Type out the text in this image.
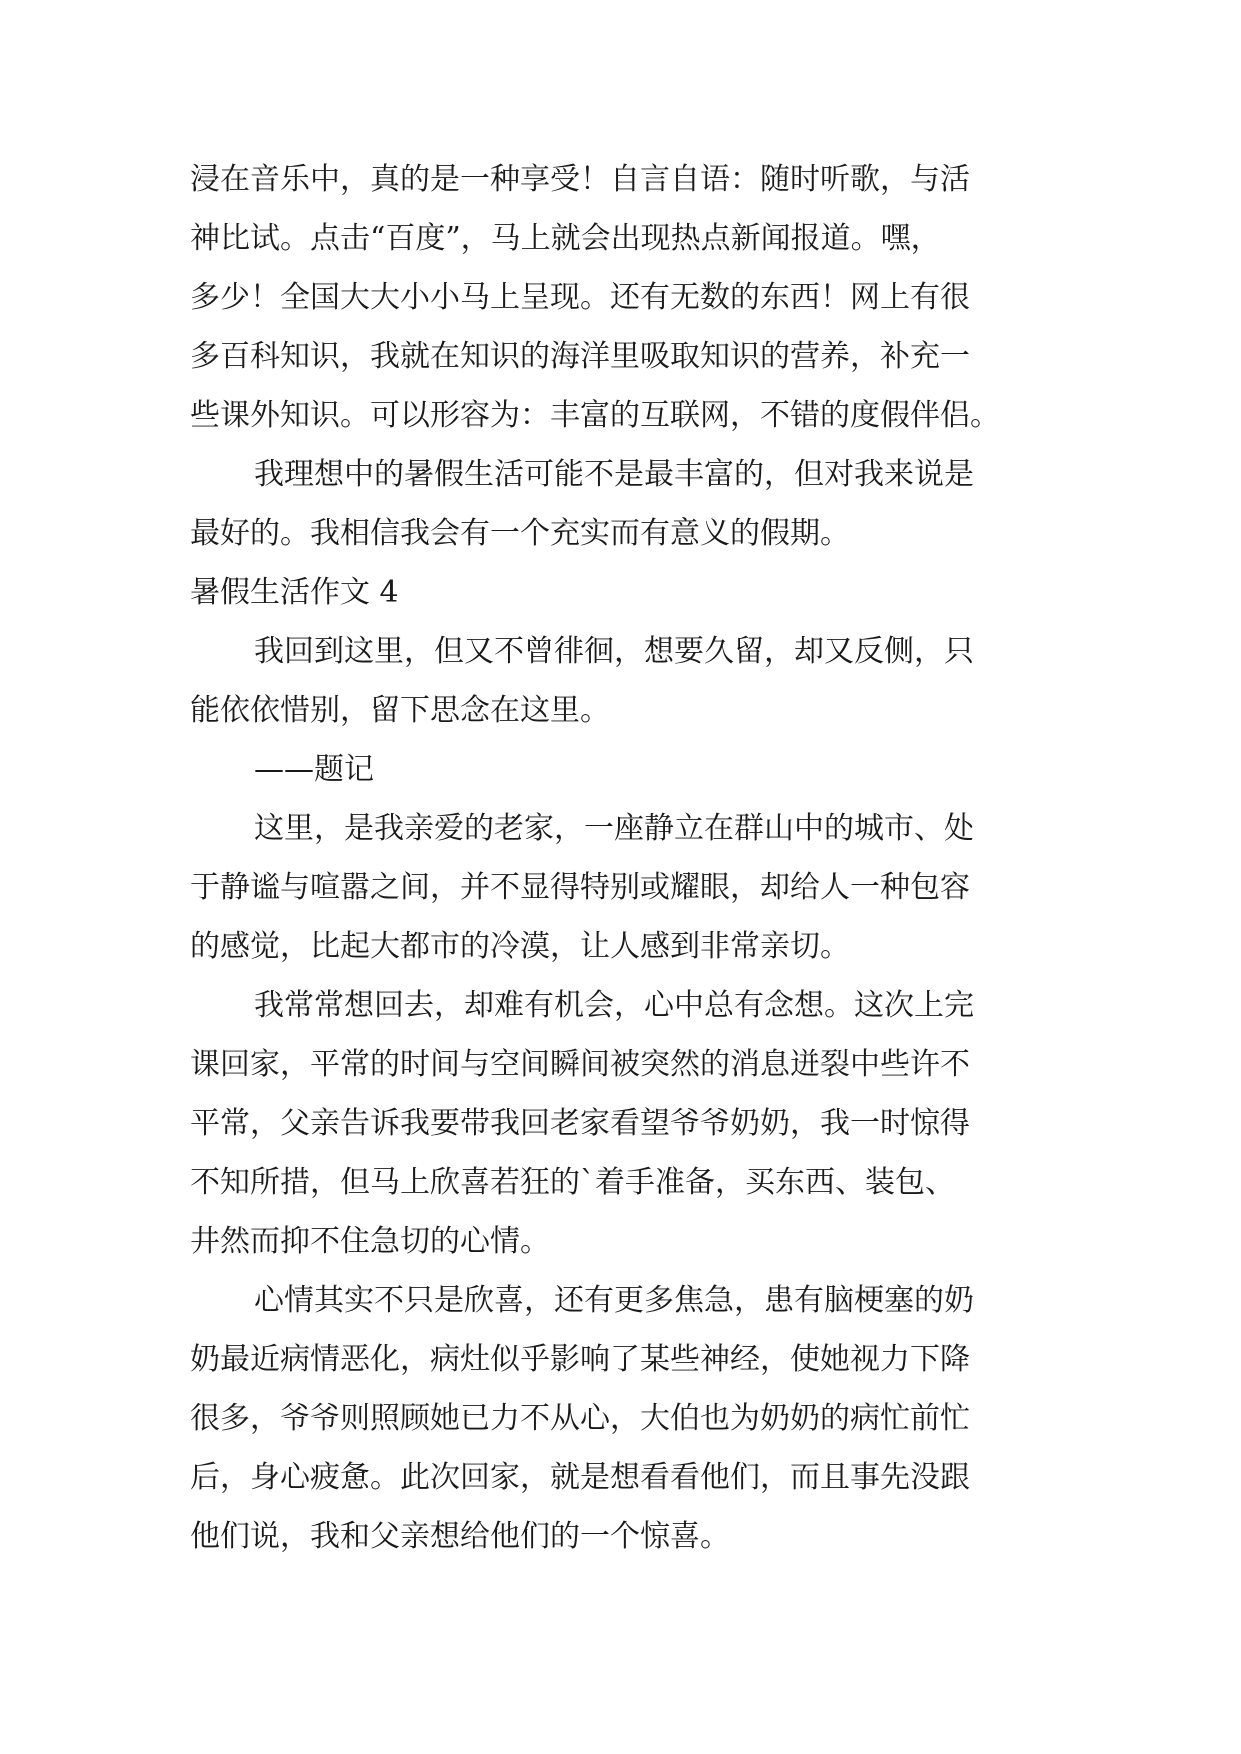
浸在音乐中，真的是一种享受！自言自语：随时听歌，与活
神比试。点击“百度”，马上就会出现热点新闻报道。嘿，
多少！全国大大小小马上呈现。还有无数的东西！网上有很
多百科知识，我就在知识的海洋里吸取知识的营养，补充一
些课外知识。可以形容为：丰富的互联网，不错的度假伴侣。
我理想中的暑假生活可能不是最丰富的，但对我来说是
最好的。我相信我会有一个充实而有意义的假期。
暑假生活作文 4
我回到这里，但又不曾徘徊，想要久留，却又反侧，只
能依依惜别，留下思念在这里。
——题记
这里，是我亲爱的老家，一座静立在群山中的城市、处
于静谧与喧嚣之间，并不显得特别或耀眼，却给人一种包容
的感觉，比起大都市的冷漠，让人感到非常亲切。
我常常想回去，却难有机会，心中总有念想。这次上完
课回家，平常的时间与空间瞬间被突然的消息迸裂中些许不
平常，父亲告诉我要带我回老家看望爷爷奶奶，我一时惊得
不知所措，但马上欣喜若狂的`着手准备，买东西、装包、
井然而抑不住急切的心情。
心情其实不只是欣喜，还有更多焦急，患有脑梗塞的奶
奶最近病情恶化，病灶似乎影响了某些神经，使她视力下降
很多，爷爷则照顾她已力不从心，大伯也为奶奶的病忙前忙
后，身心疲惫。此次回家，就是想看看他们，而且事先没跟
他们说，我和父亲想给他们的一个惊喜。
